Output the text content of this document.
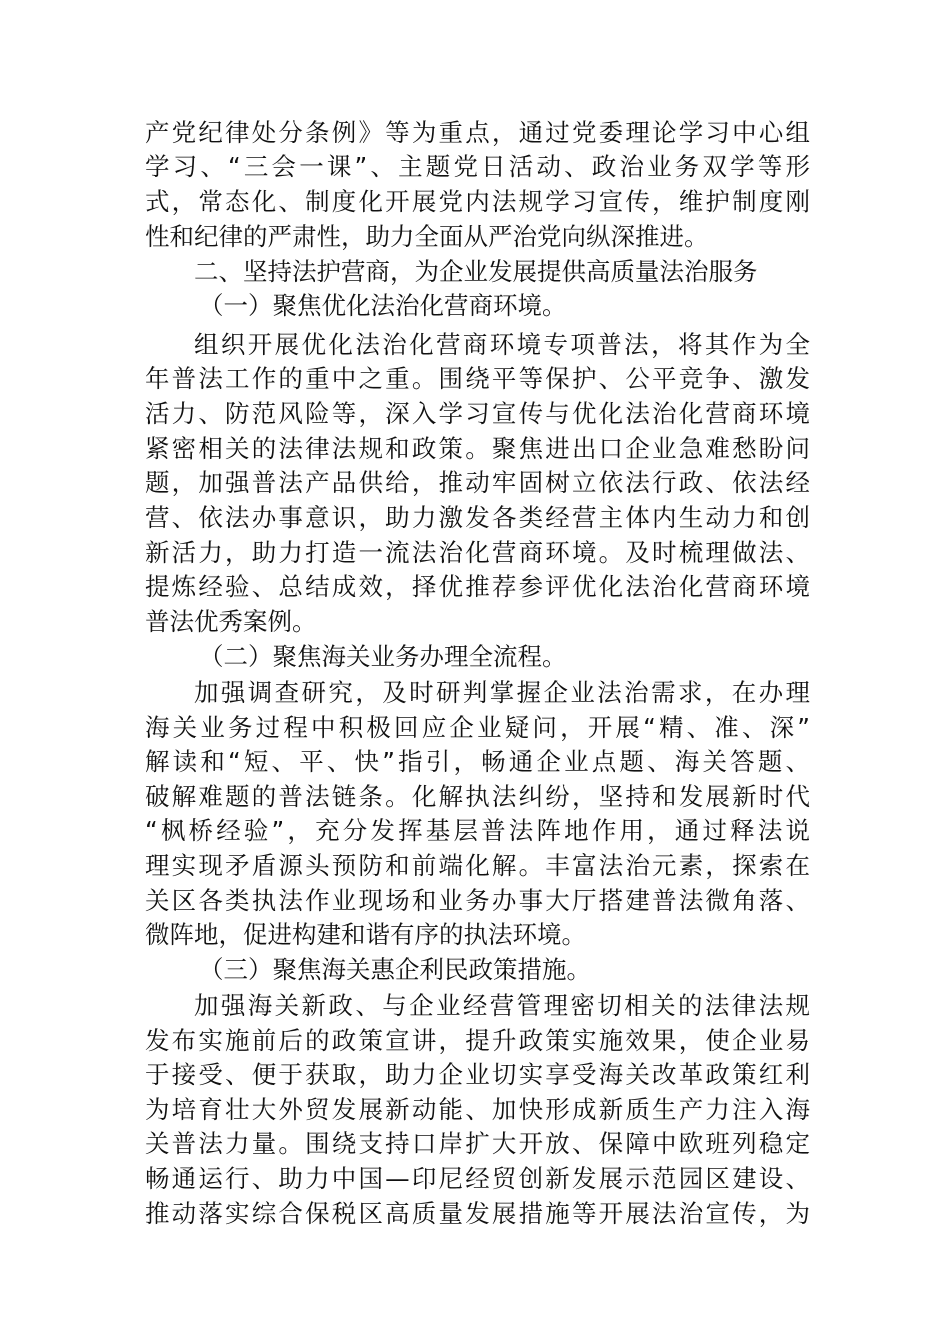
产党纪律处分条例》等为重点，通过党委理论学习中心组
学习、“三会一课”、主题党日活动、政治业务双学等形
式，常态化、制度化开展党内法规学习宣传，维护制度刚
性和纪律的严肃性，助力全面从严治党向纵深推进。
二、坚持法护营商，为企业发展提供高质量法治服务
（一）聚焦优化法治化营商环境。
组织开展优化法治化营商环境专项普法，将其作为全
年普法工作的重中之重。围绕平等保护、公平竞争、激发
活力、防范风险等，深入学习宣传与优化法治化营商环境
紧密相关的法律法规和政策。聚焦进出口企业急难愁盼问
题，加强普法产品供给，推动牢固树立依法行政、依法经
营、依法办事意识，助力激发各类经营主体内生动力和创
新活力，助力打造一流法治化营商环境。及时梳理做法、
提炼经验、总结成效，择优推荐参评优化法治化营商环境
普法优秀案例。
（二）聚焦海关业务办理全流程。
加强调查研究，及时研判掌握企业法治需求，在办理
海关业务过程中积极回应企业疑问，开展“精、准、深”
解读和“短、平、快”指引，畅通企业点题、海关答题、
破解难题的普法链条。化解执法纠纷，坚持和发展新时代
“枫桥经验”，充分发挥基层普法阵地作用，通过释法说
理实现矛盾源头预防和前端化解。丰富法治元素，探索在
关区各类执法作业现场和业务办事大厅搭建普法微角落、
微阵地，促进构建和谐有序的执法环境。
（三）聚焦海关惠企利民政策措施。
加强海关新政、与企业经营管理密切相关的法律法规
发布实施前后的政策宣讲，提升政策实施效果，使企业易
于接受、便于获取，助力企业切实享受海关改革政策红利
为培育壮大外贸发展新动能、加快形成新质生产力注入海
关普法力量。围绕支持口岸扩大开放、保障中欧班列稳定
畅通运行、助力中国—印尼经贸创新发展示范园区建设、
推动落实综合保税区高质量发展措施等开展法治宣传，为
